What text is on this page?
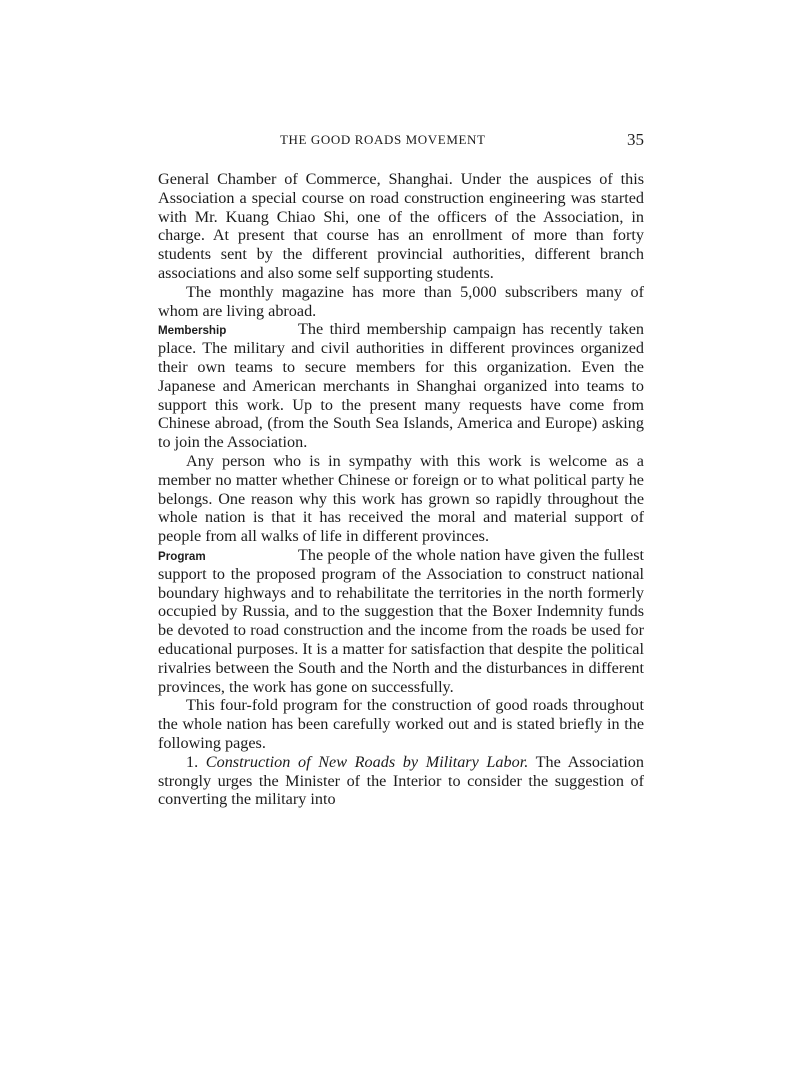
THE GOOD ROADS MOVEMENT	35

General Chamber of Commerce, Shanghai. Under the auspices of this Association a special course on road construction engineering was started with Mr. Kuang Chiao Shi, one of the officers of the Association, in charge. At present that course has an enrollment of more than forty students sent by the different provincial authorities, different branch associations and also some self supporting students.

The monthly magazine has more than 5,000 subscribers many of whom are living abroad.

Membership	The third membership campaign has recently taken place. The military and civil authorities in different provinces organized their own teams to secure members for this organization. Even the Japanese and American merchants in Shanghai organized into teams to support this work. Up to the present many requests have come from Chinese abroad, (from the South Sea Islands, America and Europe) asking to join the Association.

Any person who is in sympathy with this work is welcome as a member no matter whether Chinese or foreign or to what political party he belongs. One reason why this work has grown so rapidly throughout the whole nation is that it has received the moral and material support of people from all walks of life in different provinces.

Program	The people of the whole nation have given the fullest support to the proposed program of the Association to construct national boundary highways and to rehabilitate the territories in the north formerly occupied by Russia, and to the suggestion that the Boxer Indemnity funds be devoted to road construction and the income from the roads be used for educational purposes. It is a matter for satisfaction that despite the political rivalries between the South and the North and the disturbances in different provinces, the work has gone on successfully.

This four-fold program for the construction of good roads throughout the whole nation has been carefully worked out and is stated briefly in the following pages.

1. Construction of New Roads by Military Labor. The Association strongly urges the Minister of the Interior to consider the suggestion of converting the military into
